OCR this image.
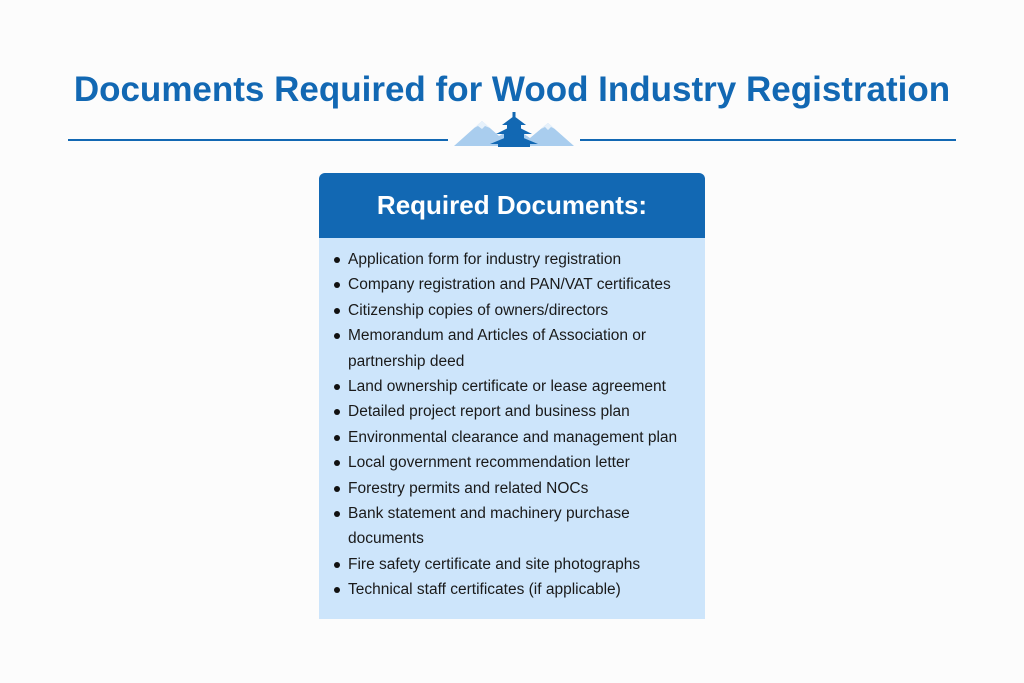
Documents Required for Wood Industry Registration
Required Documents:
Application form for industry registration
Company registration and PAN/VAT certificates
Citizenship copies of owners/directors
Memorandum and Articles of Association or partnership deed
Land ownership certificate or lease agreement
Detailed project report and business plan
Environmental clearance and management plan
Local government recommendation letter
Forestry permits and related NOCs
Bank statement and machinery purchase documents
Fire safety certificate and site photographs
Technical staff certificates (if applicable)
